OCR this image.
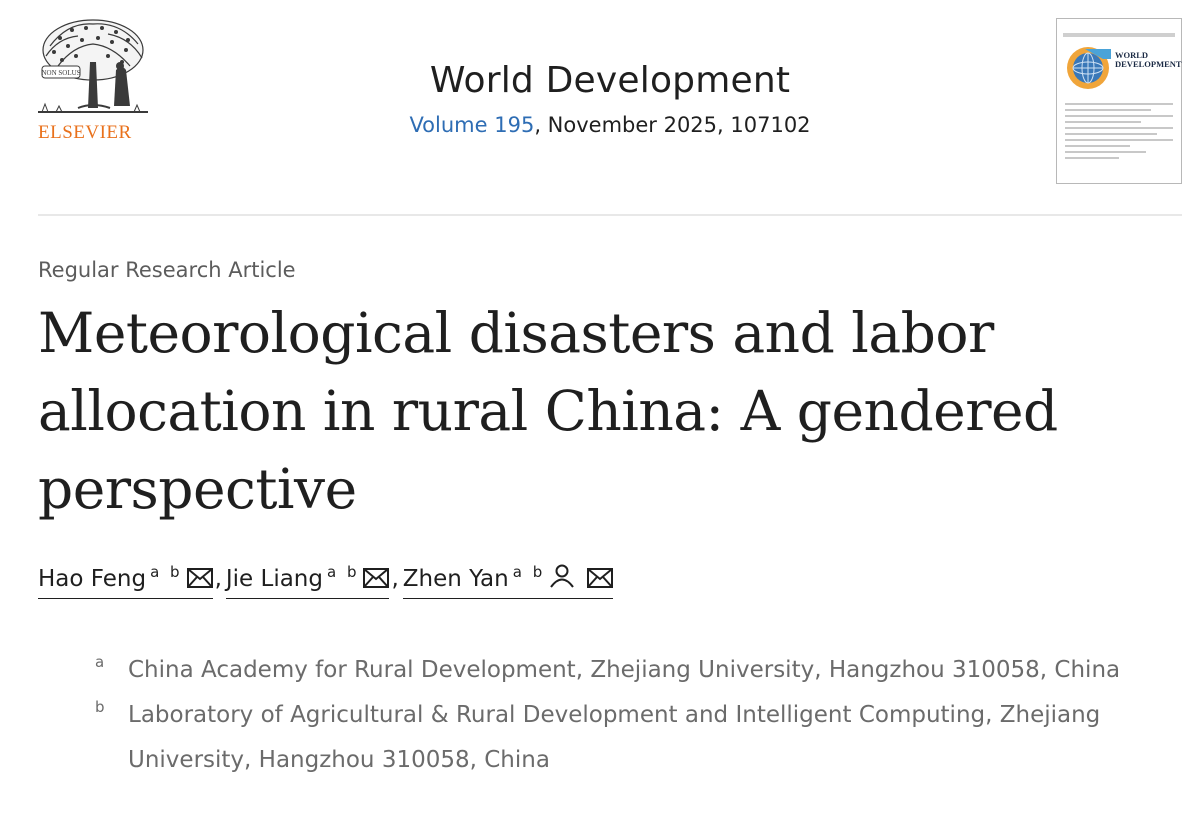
NON SOLUS
ELSEVIER
World Development
Volume 195, November 2025, 107102

WORLD
DEVELOPMENT
Regular Research Article
Meteorological disasters and labor allocation in rural China: A gendered perspective
Hao Feng $^{a b}$ , Jie Liang $^{a b}$ , Zhen Yan $^{a b}$
a China Academy for Rural Development, Zhejiang University, Hangzhou 310058, China
b Laboratory of Agricultural & Rural Development and Intelligent Computing, Zhejiang University, Hangzhou 310058, China
